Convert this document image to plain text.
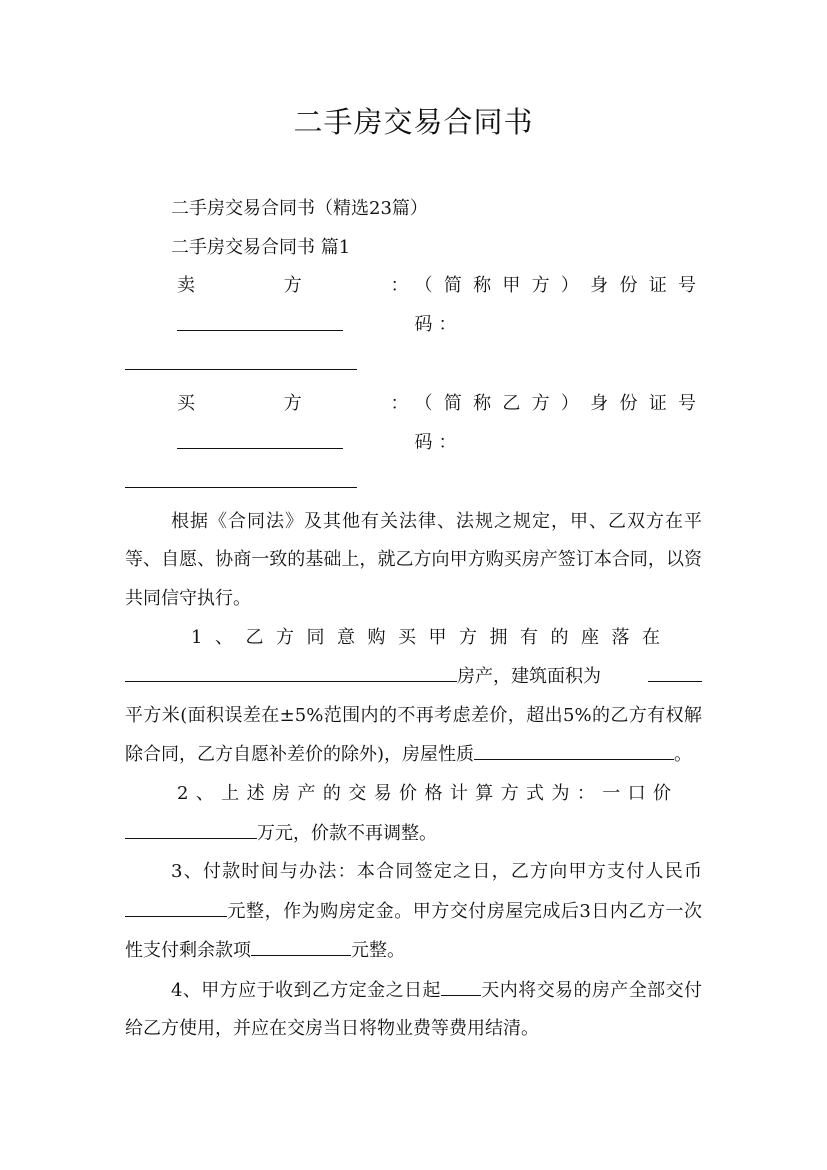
二手房交易合同书

二手房交易合同书（精选23篇）

二手房交易合同书 篇1

卖方： （简称甲方）身份证号码：

买方： （简称乙方）身份证号码：

根据《合同法》及其他有关法律、法规之规定，甲、乙双方在平等、自愿、协商一致的基础上，就乙方向甲方购买房产签订本合同，以资共同信守执行。

1、乙方同意购买甲方拥有的座落在
房产，建筑面积为
平方米(面积误差在±5%范围内的不再考虑差价，超出5%的乙方有权解除合同，乙方自愿补差价的除外)，房屋性质	。

2、上述房产的交易价格计算方式为：一口价
万元，价款不再调整。

3、付款时间与办法：本合同签定之日，乙方向甲方支付人民币元整，作为购房定金。甲方交付房屋完成后3日内乙方一次性支付剩余款项	元整。

4、甲方应于收到乙方定金之日起 天内将交易的房产全部交付给乙方使用，并应在交房当日将物业费等费用结清。
